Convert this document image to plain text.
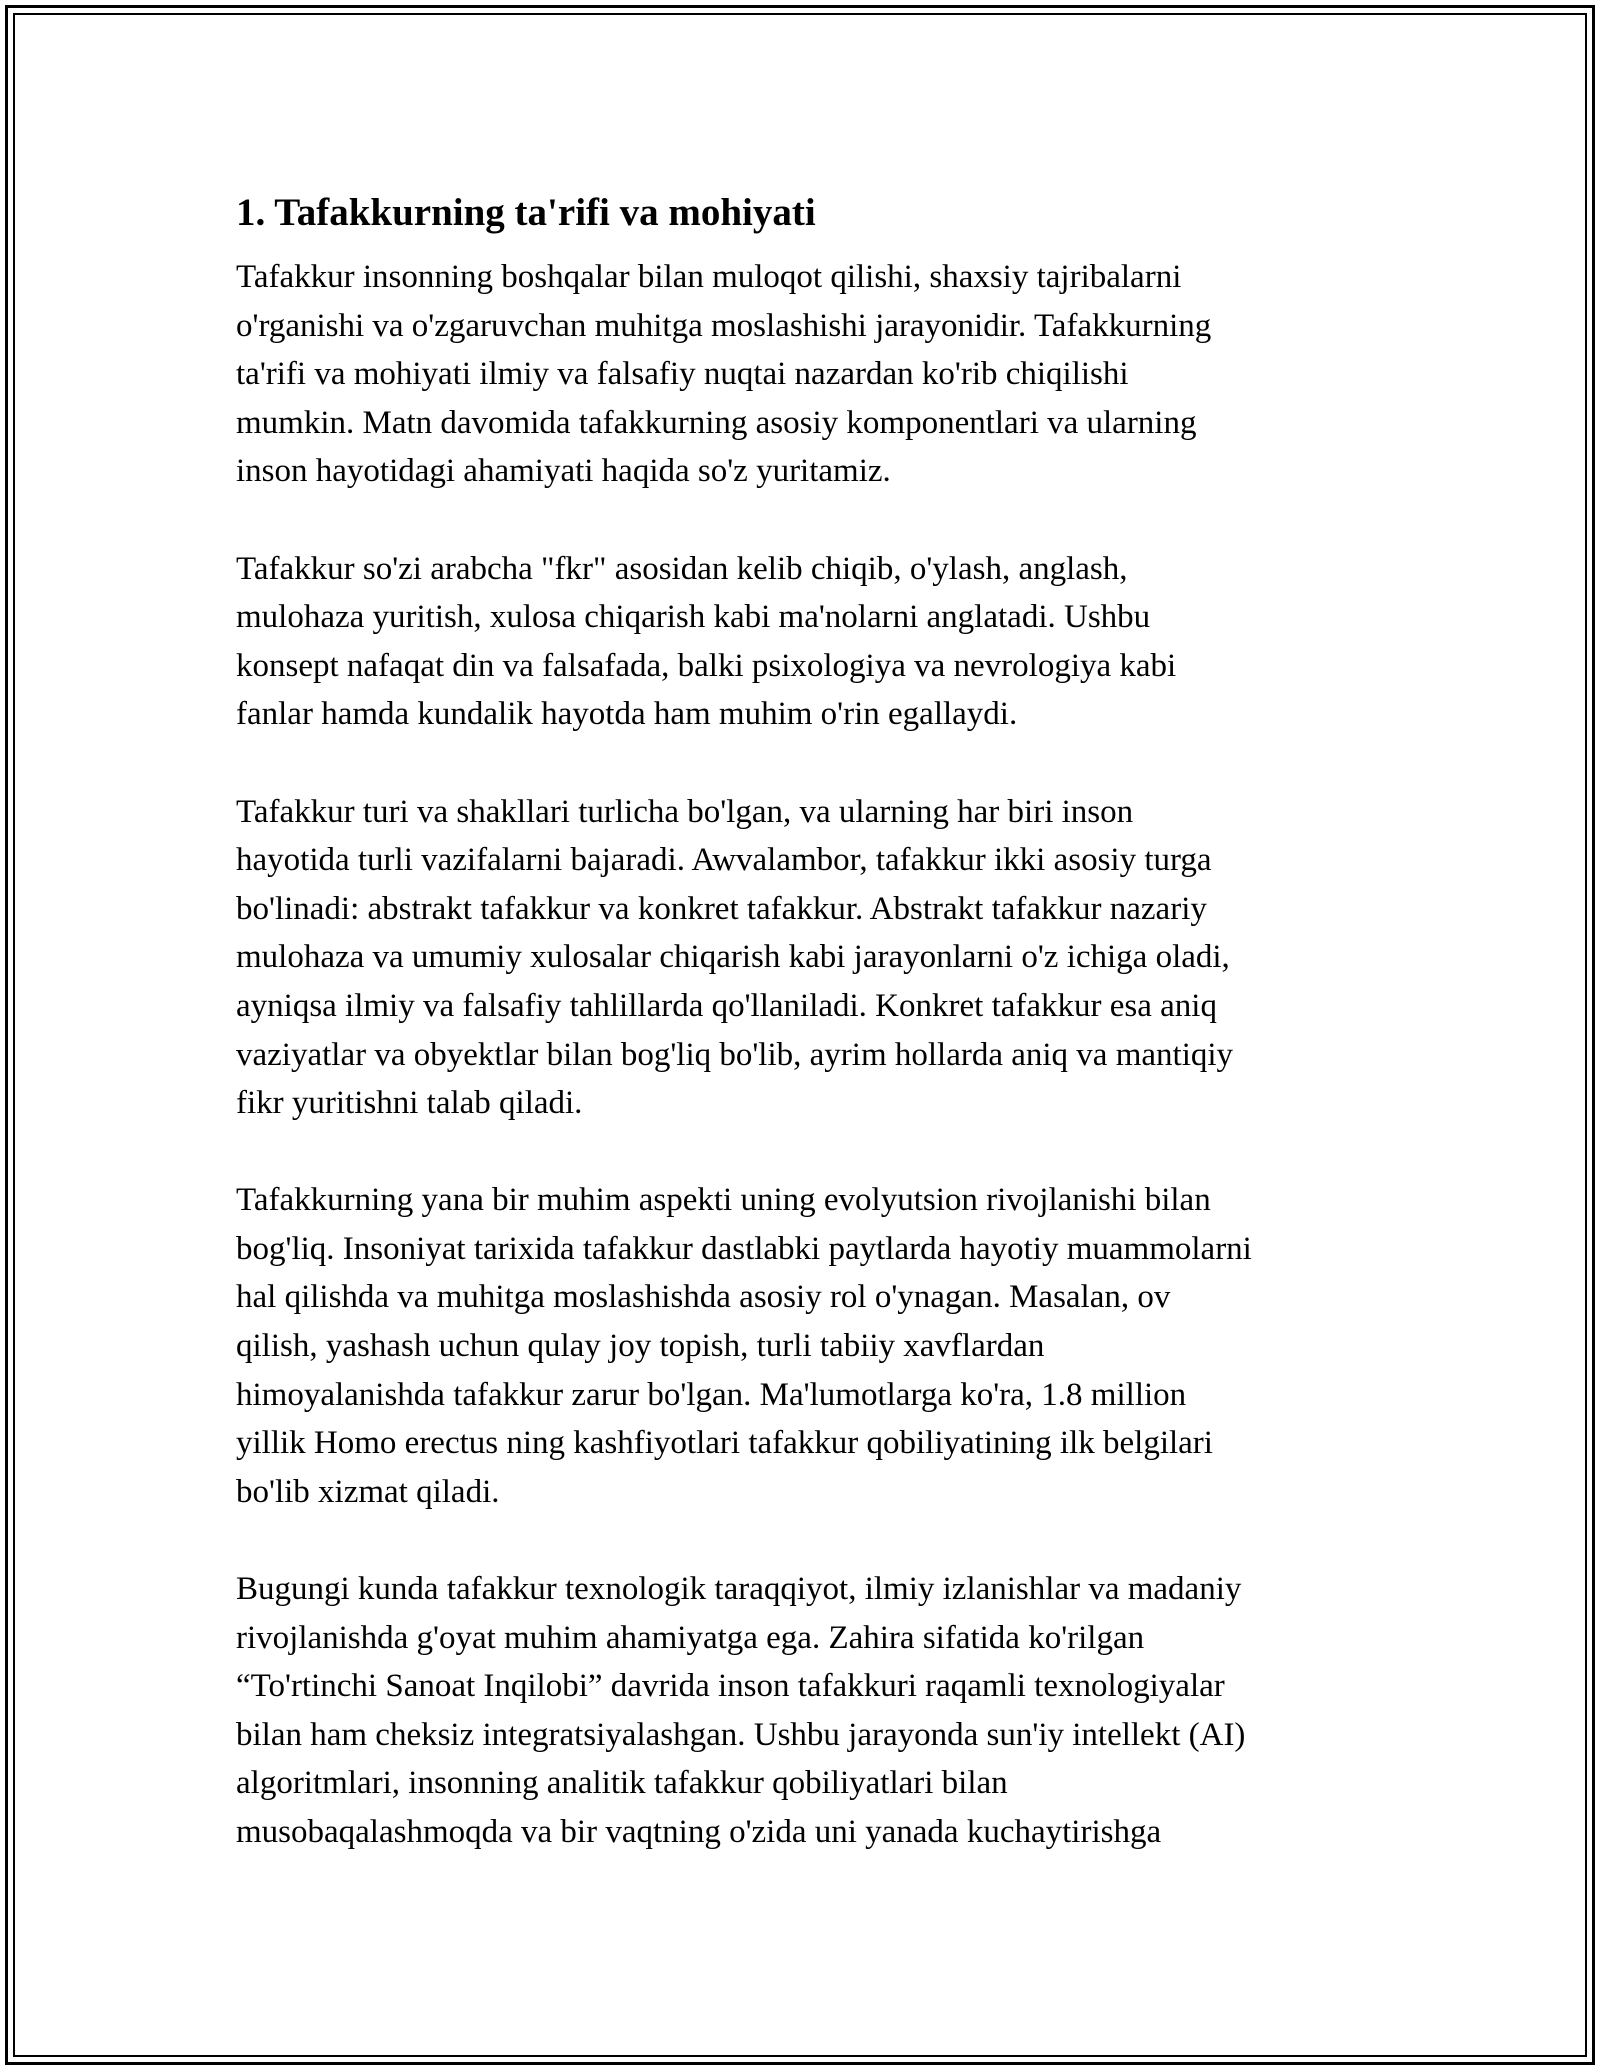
1. Tafakkurning ta'rifi va mohiyati

Tafakkur insonning boshqalar bilan muloqot qilishi, shaxsiy tajribalarni
o'rganishi va o'zgaruvchan muhitga moslashishi jarayonidir. Tafakkurning
ta'rifi va mohiyati ilmiy va falsafiy nuqtai nazardan ko'rib chiqilishi
mumkin. Matn davomida tafakkurning asosiy komponentlari va ularning
inson hayotidagi ahamiyati haqida so'z yuritamiz.

Tafakkur so'zi arabcha "fkr" asosidan kelib chiqib, o'ylash, anglash,
mulohaza yuritish, xulosa chiqarish kabi ma'nolarni anglatadi. Ushbu
konsept nafaqat din va falsafada, balki psixologiya va nevrologiya kabi
fanlar hamda kundalik hayotda ham muhim o'rin egallaydi.

Tafakkur turi va shakllari turlicha bo'lgan, va ularning har biri inson
hayotida turli vazifalarni bajaradi. Awvalambor, tafakkur ikki asosiy turga
bo'linadi: abstrakt tafakkur va konkret tafakkur. Abstrakt tafakkur nazariy
mulohaza va umumiy xulosalar chiqarish kabi jarayonlarni o'z ichiga oladi,
ayniqsa ilmiy va falsafiy tahlillarda qo'llaniladi. Konkret tafakkur esa aniq
vaziyatlar va obyektlar bilan bog'liq bo'lib, ayrim hollarda aniq va mantiqiy
fikr yuritishni talab qiladi.

Tafakkurning yana bir muhim aspekti uning evolyutsion rivojlanishi bilan
bog'liq. Insoniyat tarixida tafakkur dastlabki paytlarda hayotiy muammolarni
hal qilishda va muhitga moslashishda asosiy rol o'ynagan. Masalan, ov
qilish, yashash uchun qulay joy topish, turli tabiiy xavflardan
himoyalanishda tafakkur zarur bo'lgan. Ma'lumotlarga ko'ra, 1.8 million
yillik Homo erectus ning kashfiyotlari tafakkur qobiliyatining ilk belgilari
bo'lib xizmat qiladi.

Bugungi kunda tafakkur texnologik taraqqiyot, ilmiy izlanishlar va madaniy
rivojlanishda g'oyat muhim ahamiyatga ega. Zahira sifatida ko'rilgan
“To'rtinchi Sanoat Inqilobi” davrida inson tafakkuri raqamli texnologiyalar
bilan ham cheksiz integratsiyalashgan. Ushbu jarayonda sun'iy intellekt (AI)
algoritmlari, insonning analitik tafakkur qobiliyatlari bilan
musobaqalashmoqda va bir vaqtning o'zida uni yanada kuchaytirishga
